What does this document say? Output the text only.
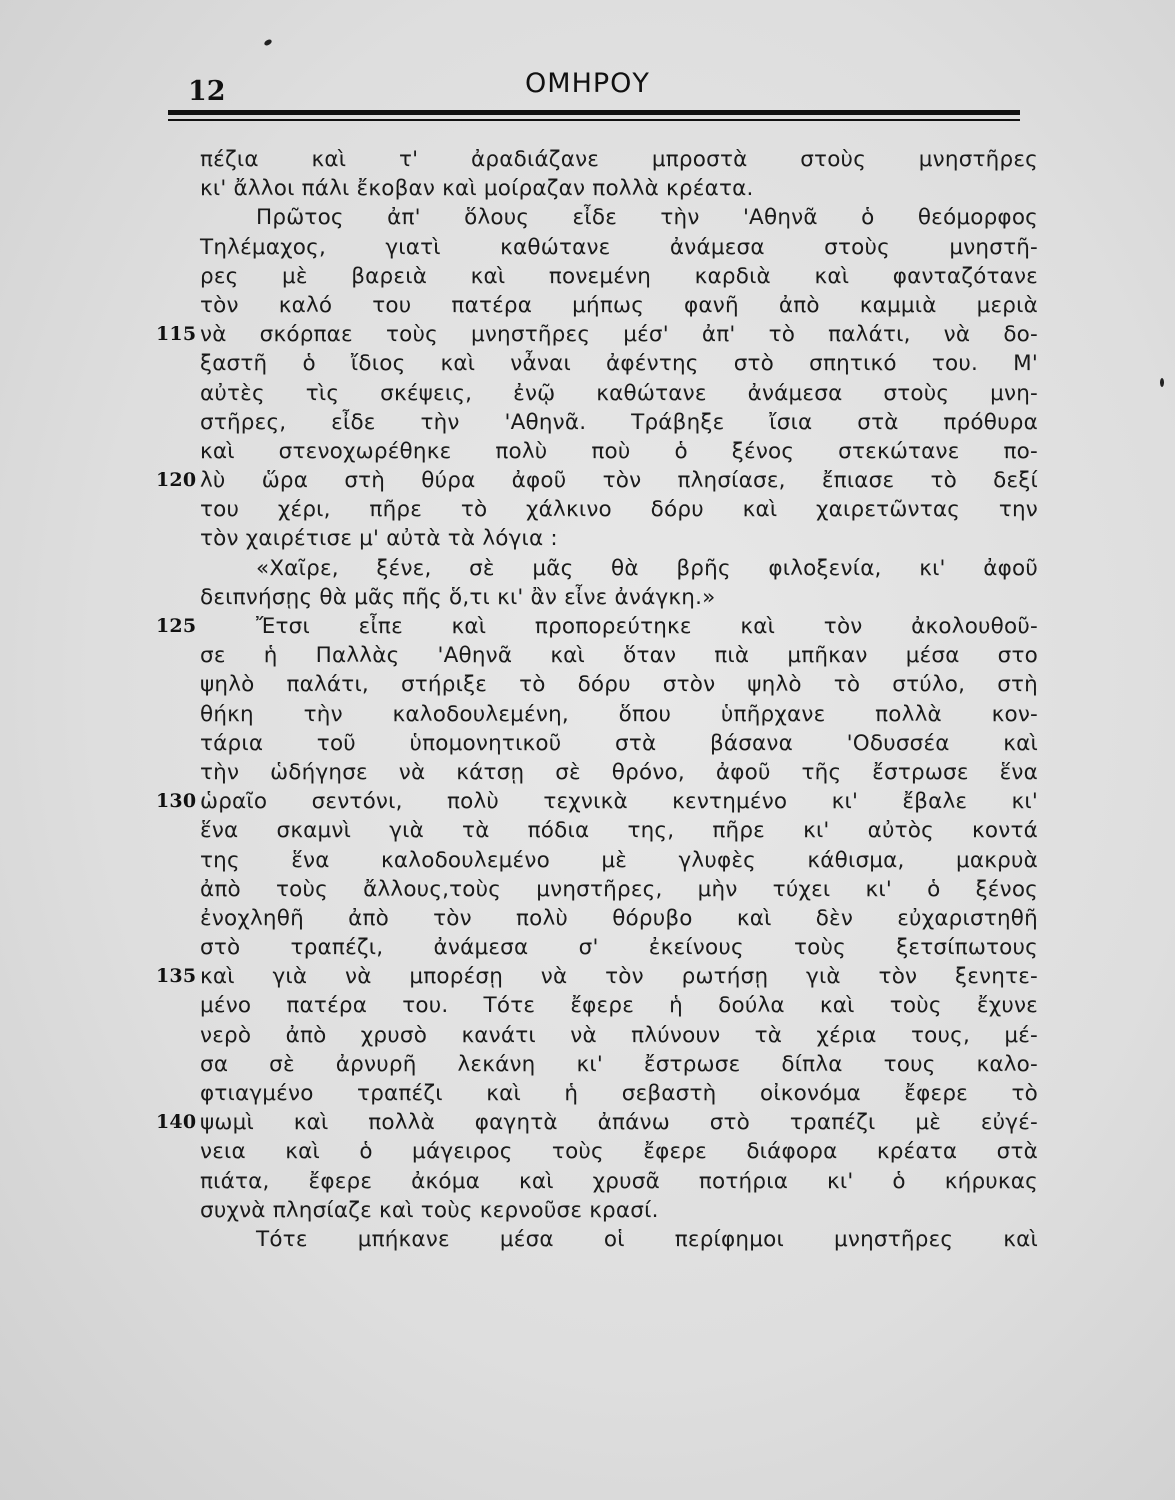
12	ΟΜΗΡΟΥ
πέζια καὶ τ' ἀραδιάζανε μπροστὰ στοὺς μνηστῆρες
κι' ἄλλοι πάλι ἔκοβαν καὶ μοίραζαν πολλὰ κρέατα.
Πρῶτος ἀπ' ὅλους εἶδε τὴν 'Αθηνᾶ ὁ θεόμορφος
Τηλέμαχος, γιατὶ καθώτανε ἀνάμεσα στοὺς μνηστῆ-
ρες μὲ βαρειὰ καὶ πονεμένη καρδιὰ καὶ φανταζότανε
τὸν καλό του πατέρα μήπως φανῆ ἀπὸ καμμιὰ μεριὰ
115 νὰ σκόρπαε τοὺς μνηστῆρες μέσ' ἀπ' τὸ παλάτι, νὰ δο-
ξαστῆ ὁ ἴδιος καὶ νἆναι ἀφέντης στὸ σπητικό του. Μ'
αὐτὲς τὶς σκέψεις, ἐνῷ καθώτανε ἀνάμεσα στοὺς μνη-
στῆρες, εἶδε τὴν 'Αθηνᾶ. Τράβηξε ἴσια στὰ πρόθυρα
καὶ στενοχωρέθηκε πολὺ ποὺ ὁ ξένος στεκώτανε πο-
120 λὺ ὥρα στὴ θύρα ἀφοῦ τὸν πλησίασε, ἔπιασε τὸ δεξί
του χέρι, πῆρε τὸ χάλκινο δόρυ καὶ χαιρετῶντας την
τὸν χαιρέτισε μ' αὐτὰ τὰ λόγια :
«Χαῖρε, ξένε, σὲ μᾶς θὰ βρῆς φιλοξενία, κι' ἀφοῦ
δειπνήσῃς θὰ μᾶς πῆς ὅ,τι κι' ἂν εἶνε ἀνάγκη.»
125	Ἔτσι εἶπε καὶ προπορεύτηκε καὶ τὸν ἀκολουθοῦ-
σε ἡ Παλλὰς 'Αθηνᾶ καὶ ὅταν πιὰ μπῆκαν μέσα στο
ψηλὸ παλάτι, στήριξε τὸ δόρυ στὸν ψηλὸ τὸ στύλο, στὴ
θήκη τὴν καλοδουλεμένη, ὅπου ὑπῆρχανε πολλὰ κον-
τάρια τοῦ ὑπομονητικοῦ στὰ βάσανα 'Οδυσσέα καὶ
τὴν ὡδήγησε νὰ κάτσῃ σὲ θρόνο, ἀφοῦ τῆς ἔστρωσε ἕνα
130 ὡραῖο σεντόνι, πολὺ τεχνικὰ κεντημένο κι' ἔβαλε κι'
ἕνα σκαμνὶ γιὰ τὰ πόδια της, πῆρε κι' αὐτὸς κοντά
της ἕνα καλοδουλεμένο μὲ γλυφὲς κάθισμα, μακρυὰ
ἀπὸ τοὺς ἄλλους,τοὺς μνηστῆρες, μὴν τύχει κι' ὁ ξένος
ἐνοχληθῆ ἀπὸ τὸν πολὺ θόρυβο καὶ δὲν εὐχαριστηθῆ
στὸ τραπέζι, ἀνάμεσα σ' ἐκείνους τοὺς ξετσίπωτους
135 καὶ γιὰ νὰ μπορέσῃ νὰ τὸν ρωτήσῃ γιὰ τὸν ξενητε-
μένο πατέρα του. Τότε ἔφερε ἡ δούλα καὶ τοὺς ἔχυνε
νερὸ ἀπὸ χρυσὸ κανάτι νὰ πλύνουν τὰ χέρια τους, μέ-
σα σὲ ἀρνυρῆ λεκάνη κι' ἔστρωσε δίπλα τους καλο-
φτιαγμένο τραπέζι καὶ ἡ σεβαστὴ οἰκονόμα ἔφερε τὸ
140 ψωμὶ καὶ πολλὰ φαγητὰ ἀπάνω στὸ τραπέζι μὲ εὐγέ-
νεια καὶ ὁ μάγειρος τοὺς ἔφερε διάφορα κρέατα στὰ
πιάτα, ἔφερε ἀκόμα καὶ χρυσᾶ ποτήρια κι' ὁ κήρυκας
συχνὰ πλησίαζε καὶ τοὺς κερνοῦσε κρασί.
Τότε μπήκανε μέσα οἱ περίφημοι μνηστῆρες καὶ
